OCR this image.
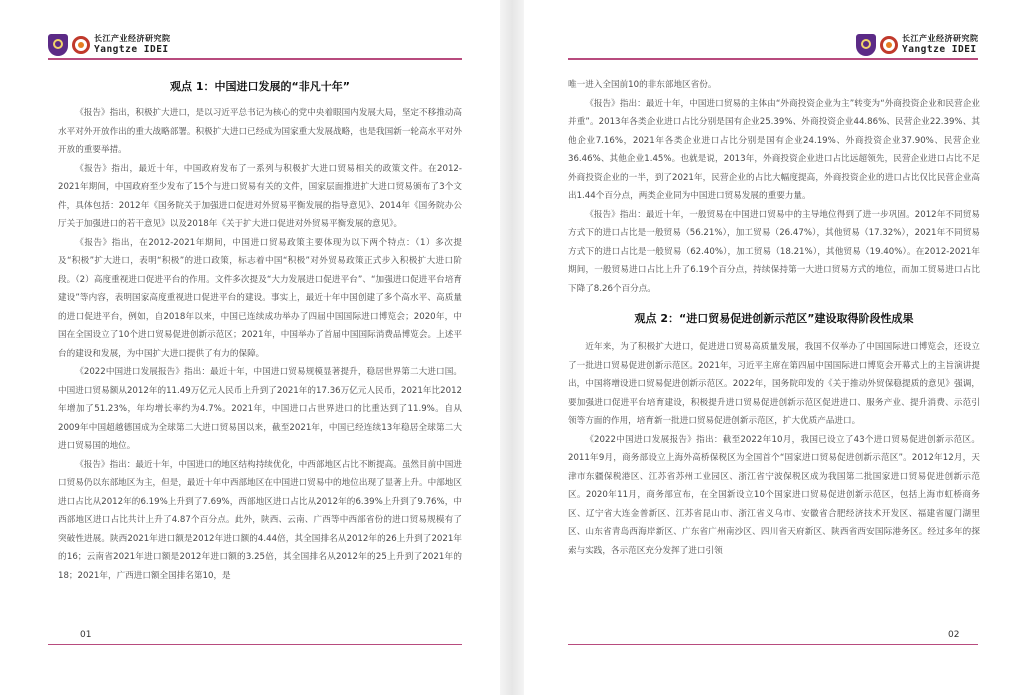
长江产业经济研究院
Yangtze IDEI
观点 1：中国进口发展的“非凡十年”

《报告》指出，积极扩大进口，是以习近平总书记为核心的党中央着眼国内发展大局，坚定不移推动高水平对外开放作出的重大战略部署。积极扩大进口已经成为国家重大发展战略，也是我国新一轮高水平对外开放的重要举措。

《报告》指出，最近十年，中国政府发布了一系列与积极扩大进口贸易相关的政策文件。在2012-2021年期间，中国政府至少发布了15个与进口贸易有关的文件，国家层面推进扩大进口贸易颁布了3个文件，具体包括：2012年《国务院关于加强进口促进对外贸易平衡发展的指导意见》、2014年《国务院办公厅关于加强进口的若干意见》以及2018年《关于扩大进口促进对外贸易平衡发展的意见》。

《报告》指出，在2012-2021年期间，中国进口贸易政策主要体现为以下两个特点：（1）多次提及“积极”扩大进口，表明“积极”的进口政策，标志着中国“积极”对外贸易政策正式步入积极扩大进口阶段。（2）高度重视进口促进平台的作用。文件多次提及“大力发展进口促进平台”、“加强进口促进平台培育建设”等内容，表明国家高度重视进口促进平台的建设。事实上，最近十年中国创建了多个高水平、高质量的进口促进平台，例如，自2018年以来，中国已连续成功举办了四届中国国际进口博览会；2020年，中国在全国设立了10个进口贸易促进创新示范区；2021年，中国举办了首届中国国际消费品博览会。上述平台的建设和发展，为中国扩大进口提供了有力的保障。

《2022中国进口发展报告》指出：最近十年，中国进口贸易规模显著提升，稳居世界第二大进口国。中国进口贸易额从2012年的11.49万亿元人民币上升到了2021年的17.36万亿元人民币，2021年比2012年增加了51.23%，年均增长率约为4.7%。2021年，中国进口占世界进口的比重达到了11.9%。自从2009年中国超越德国成为全球第二大进口贸易国以来，截至2021年，中国已经连续13年稳居全球第二大进口贸易国的地位。

《报告》指出：最近十年，中国进口的地区结构持续优化，中西部地区占比不断提高。虽然目前中国进口贸易仍以东部地区为主，但是，最近十年中西部地区在中国进口贸易中的地位出现了显著上升。中部地区进口占比从2012年的6.19%上升到了7.69%，西部地区进口占比从2012年的6.39%上升到了9.76%，中西部地区进口占比共计上升了4.87个百分点。此外，陕西、云南、广西等中西部省份的进口贸易规模有了突破性进展。陕西2021年进口额是2012年进口额的4.44倍，其全国排名从2012年的26上升到了2021年的16；云南省2021年进口额是2012年进口额的3.25倍，其全国排名从2012年的25上升到了2021年的18；2021年，广西进口额全国排名第10，是

01
长江产业经济研究院
Yangtze IDEI

唯一进入全国前10的非东部地区省份。

《报告》指出：最近十年，中国进口贸易的主体由“外商投资企业为主”转变为“外商投资企业和民营企业并重”。2013年各类企业进口占比分别是国有企业25.39%、外商投资企业44.86%、民营企业22.39%、其他企业7.16%，2021年各类企业进口占比分别是国有企业24.19%、外商投资企业37.90%、民营企业36.46%、其他企业1.45%。也就是说，2013年，外商投资企业进口占比远超领先，民营企业进口占比不足外商投资企业的一半，到了2021年，民营企业的占比大幅度提高，外商投资企业的进口占比仅比民营企业高出1.44个百分点，两类企业同为中国进口贸易发展的重要力量。

《报告》指出：最近十年，一般贸易在中国进口贸易中的主导地位得到了进一步巩固。2012年不同贸易方式下的进口占比是一般贸易（56.21%），加工贸易（26.47%），其他贸易（17.32%），2021年不同贸易方式下的进口占比是一般贸易（62.40%），加工贸易（18.21%），其他贸易（19.40%）。在2012-2021年期间，一般贸易进口占比上升了6.19个百分点，持续保持第一大进口贸易方式的地位，而加工贸易进口占比下降了8.26个百分点。

观点 2：“进口贸易促进创新示范区”建设取得阶段性成果

近年来，为了积极扩大进口，促进进口贸易高质量发展，我国不仅举办了中国国际进口博览会，还设立了一批进口贸易促进创新示范区。2021年，习近平主席在第四届中国国际进口博览会开幕式上的主旨演讲提出，中国将增设进口贸易促进创新示范区。2022年，国务院印发的《关于推动外贸保稳提质的意见》强调，要加强进口促进平台培育建设，积极提升进口贸易促进创新示范区促进进口、服务产业、提升消费、示范引领等方面的作用，培育新一批进口贸易促进创新示范区，扩大优质产品进口。

《2022中国进口发展报告》指出：截至2022年10月，我国已设立了43个进口贸易促进创新示范区。2011年9月，商务部设立上海外高桥保税区为全国首个“国家进口贸易促进创新示范区”。2012年12月，天津市东疆保税港区、江苏省苏州工业园区、浙江省宁波保税区成为我国第二批国家进口贸易促进创新示范区。2020年11月，商务部宣布，在全国新设立10个国家进口贸易促进创新示范区，包括上海市虹桥商务区、辽宁省大连金普新区、江苏省昆山市、浙江省义乌市、安徽省合肥经济技术开发区、福建省厦门湖里区、山东省青岛西海岸新区、广东省广州南沙区、四川省天府新区、陕西省西安国际港务区。经过多年的探索与实践，各示范区充分发挥了进口引领

02
